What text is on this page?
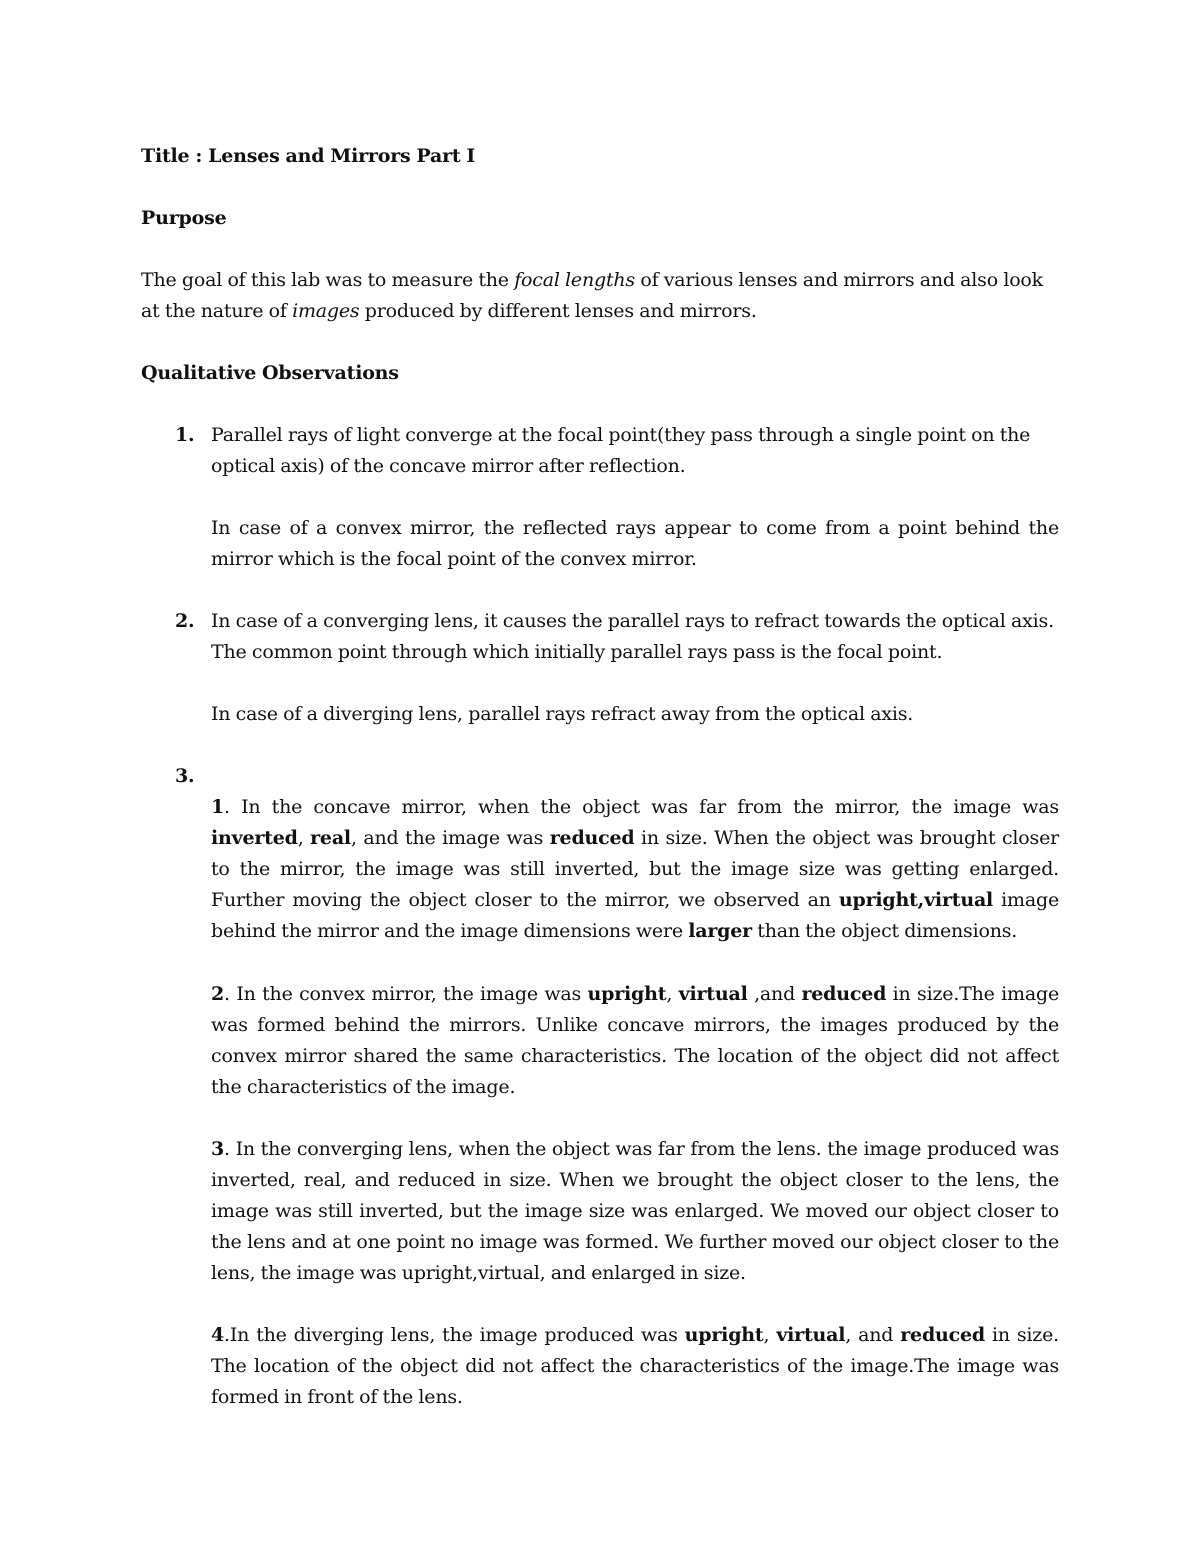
Title : Lenses and Mirrors Part I
Purpose
The goal of this lab was to measure the focal lengths of various lenses and mirrors and also look at the nature of images produced by different lenses and mirrors.
Qualitative Observations
1. Parallel rays of light converge at the focal point(they pass through a single point on the optical axis) of the concave mirror after reflection.
In case of a convex mirror, the reflected rays appear to come from a point behind the mirror which is the focal point of the convex mirror.
2. In case of a converging lens, it causes the parallel rays to refract towards the optical axis. The common point through which initially parallel rays pass is the focal point.
In case of a diverging lens, parallel rays refract away from the optical axis.
3.
1. In the concave mirror, when the object was far from the mirror, the image was inverted, real, and the image was reduced in size. When the object was brought closer to the mirror, the image was still inverted, but the image size was getting enlarged. Further moving the object closer to the mirror, we observed an upright,virtual image behind the mirror and the image dimensions were larger than the object dimensions.
2. In the convex mirror, the image was upright, virtual ,and reduced in size.The image was formed behind the mirrors. Unlike concave mirrors, the images produced by the convex mirror shared the same characteristics. The location of the object did not affect the characteristics of the image.
3. In the converging lens, when the object was far from the lens. the image produced was inverted, real, and reduced in size. When we brought the object closer to the lens, the image was still inverted, but the image size was enlarged. We moved our object closer to the lens and at one point no image was formed. We further moved our object closer to the lens, the image was upright,virtual, and enlarged in size.
4.In the diverging lens, the image produced was upright, virtual, and reduced in size. The location of the object did not affect the characteristics of the image.The image was formed in front of the lens.
